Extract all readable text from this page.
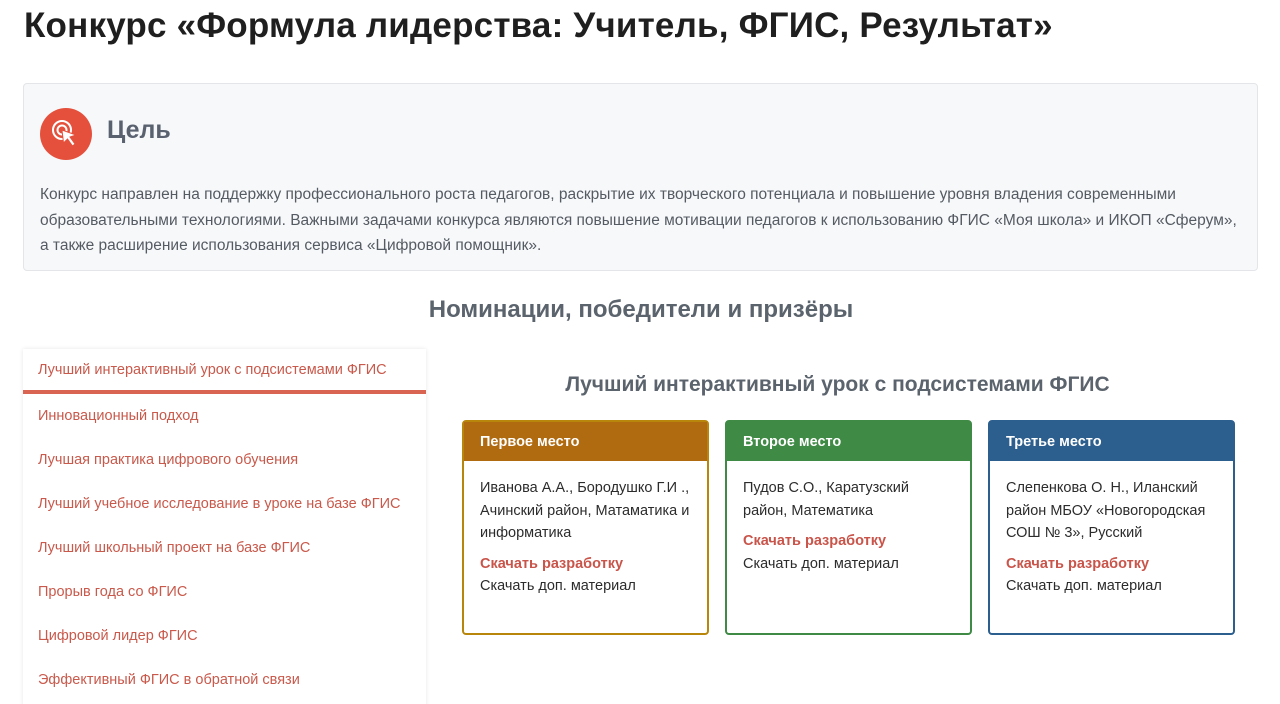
Конкурс «Формула лидерства: Учитель, ФГИС, Результат»
Цель

Конкурс направлен на поддержку профессионального роста педагогов, раскрытие их творческого потенциала и повышение уровня владения современными образовательными технологиями. Важными задачами конкурса являются повышение мотивации педагогов к использованию ФГИС «Моя школа» и ИКОП «Сферум», а также расширение использования сервиса «Цифровой помощник».

Номинации, победители и призёры
Лучший интерактивный урок с подсистемами ФГИС
Инновационный подход
Лучшая практика цифрового обучения
Лучший учебное исследование в уроке на базе ФГИС
Лучший школьный проект на базе ФГИС
Прорыв года со ФГИС
Цифровой лидер ФГИС
Эффективный ФГИС в обратной связи
Лучший интерактивный урок с подсистемами ФГИС
Первое место
Иванова А.А., Бородушко Г.И ., Ачинский район, Матаматика и информатика
Скачать разработку
Скачать доп. материал
Второе место
Пудов С.О., Каратузский район, Математика
Скачать разработку
Скачать доп. материал
Третье место
Слепенкова О. Н., Иланский район МБОУ «Новогородская СОШ № 3», Русский
Скачать разработку
Скачать доп. материал
